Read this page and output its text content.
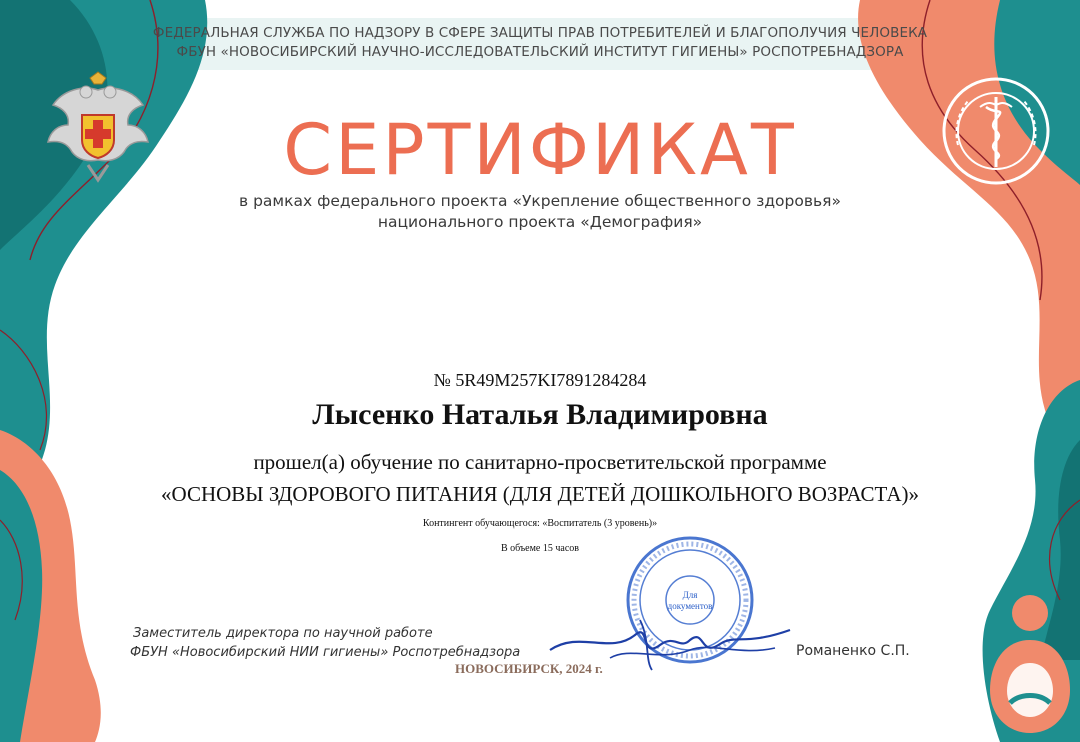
ФЕДЕРАЛЬНАЯ СЛУЖБА ПО НАДЗОРУ В СФЕРЕ ЗАЩИТЫ ПРАВ ПОТРЕБИТЕЛЕЙ И БЛАГОПОЛУЧИЯ ЧЕЛОВЕКА
ФБУН «НОВОСИБИРСКИЙ НАУЧНО-ИССЛЕДОВАТЕЛЬСКИЙ ИНСТИТУТ ГИГИЕНЫ» РОСПОТРЕБНАДЗОРА
СЕРТИФИКАТ
в рамках федерального проекта «Укрепление общественного здоровья»
национального проекта «Демография»
№ 5R49M257KI7891284284
Лысенко Наталья Владимировна
прошел(а) обучение по санитарно-просветительской программе
«ОСНОВЫ ЗДОРОВОГО ПИТАНИЯ (ДЛЯ ДЕТЕЙ ДОШКОЛЬНОГО ВОЗРАСТА)»
Контингент обучающегося: «Воспитатель (3 уровень)»
В объеме 15 часов
Для
документов
Заместитель директора по научной работе
ФБУН «Новосибирский НИИ гигиены» Роспотребнадзора	Романенко С.П.
НОВОСИБИРСК, 2024 г.
